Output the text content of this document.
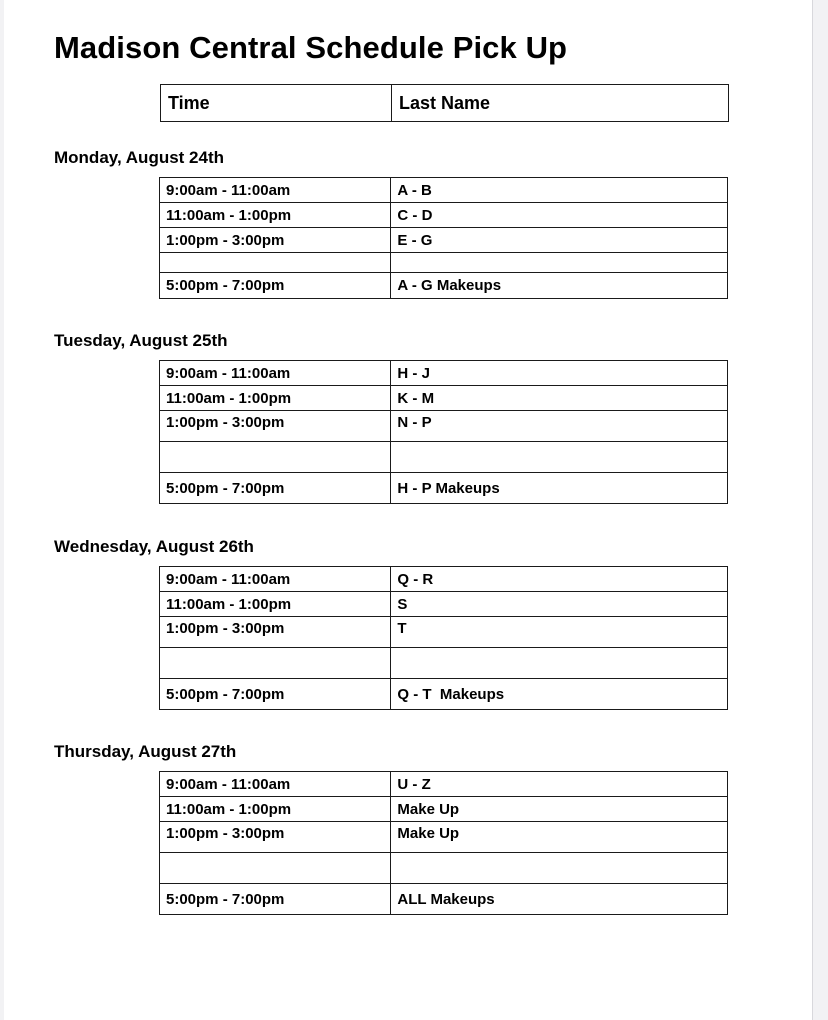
Madison Central Schedule Pick Up
Time	Last Name
Monday, August 24th
9:00am - 11:00am	A - B
11:00am - 1:00pm	C - D
1:00pm - 3:00pm	E - G

5:00pm - 7:00pm	A - G Makeups
Tuesday, August 25th
9:00am - 11:00am	H - J
11:00am - 1:00pm	K - M
1:00pm - 3:00pm	N - P

5:00pm - 7:00pm	H - P Makeups
Wednesday, August 26th
9:00am - 11:00am	Q - R
11:00am - 1:00pm	S
1:00pm - 3:00pm	T

5:00pm - 7:00pm	Q - T  Makeups
Thursday, August 27th
9:00am - 11:00am	U - Z
11:00am - 1:00pm	Make Up
1:00pm - 3:00pm	Make Up

5:00pm - 7:00pm	ALL Makeups
